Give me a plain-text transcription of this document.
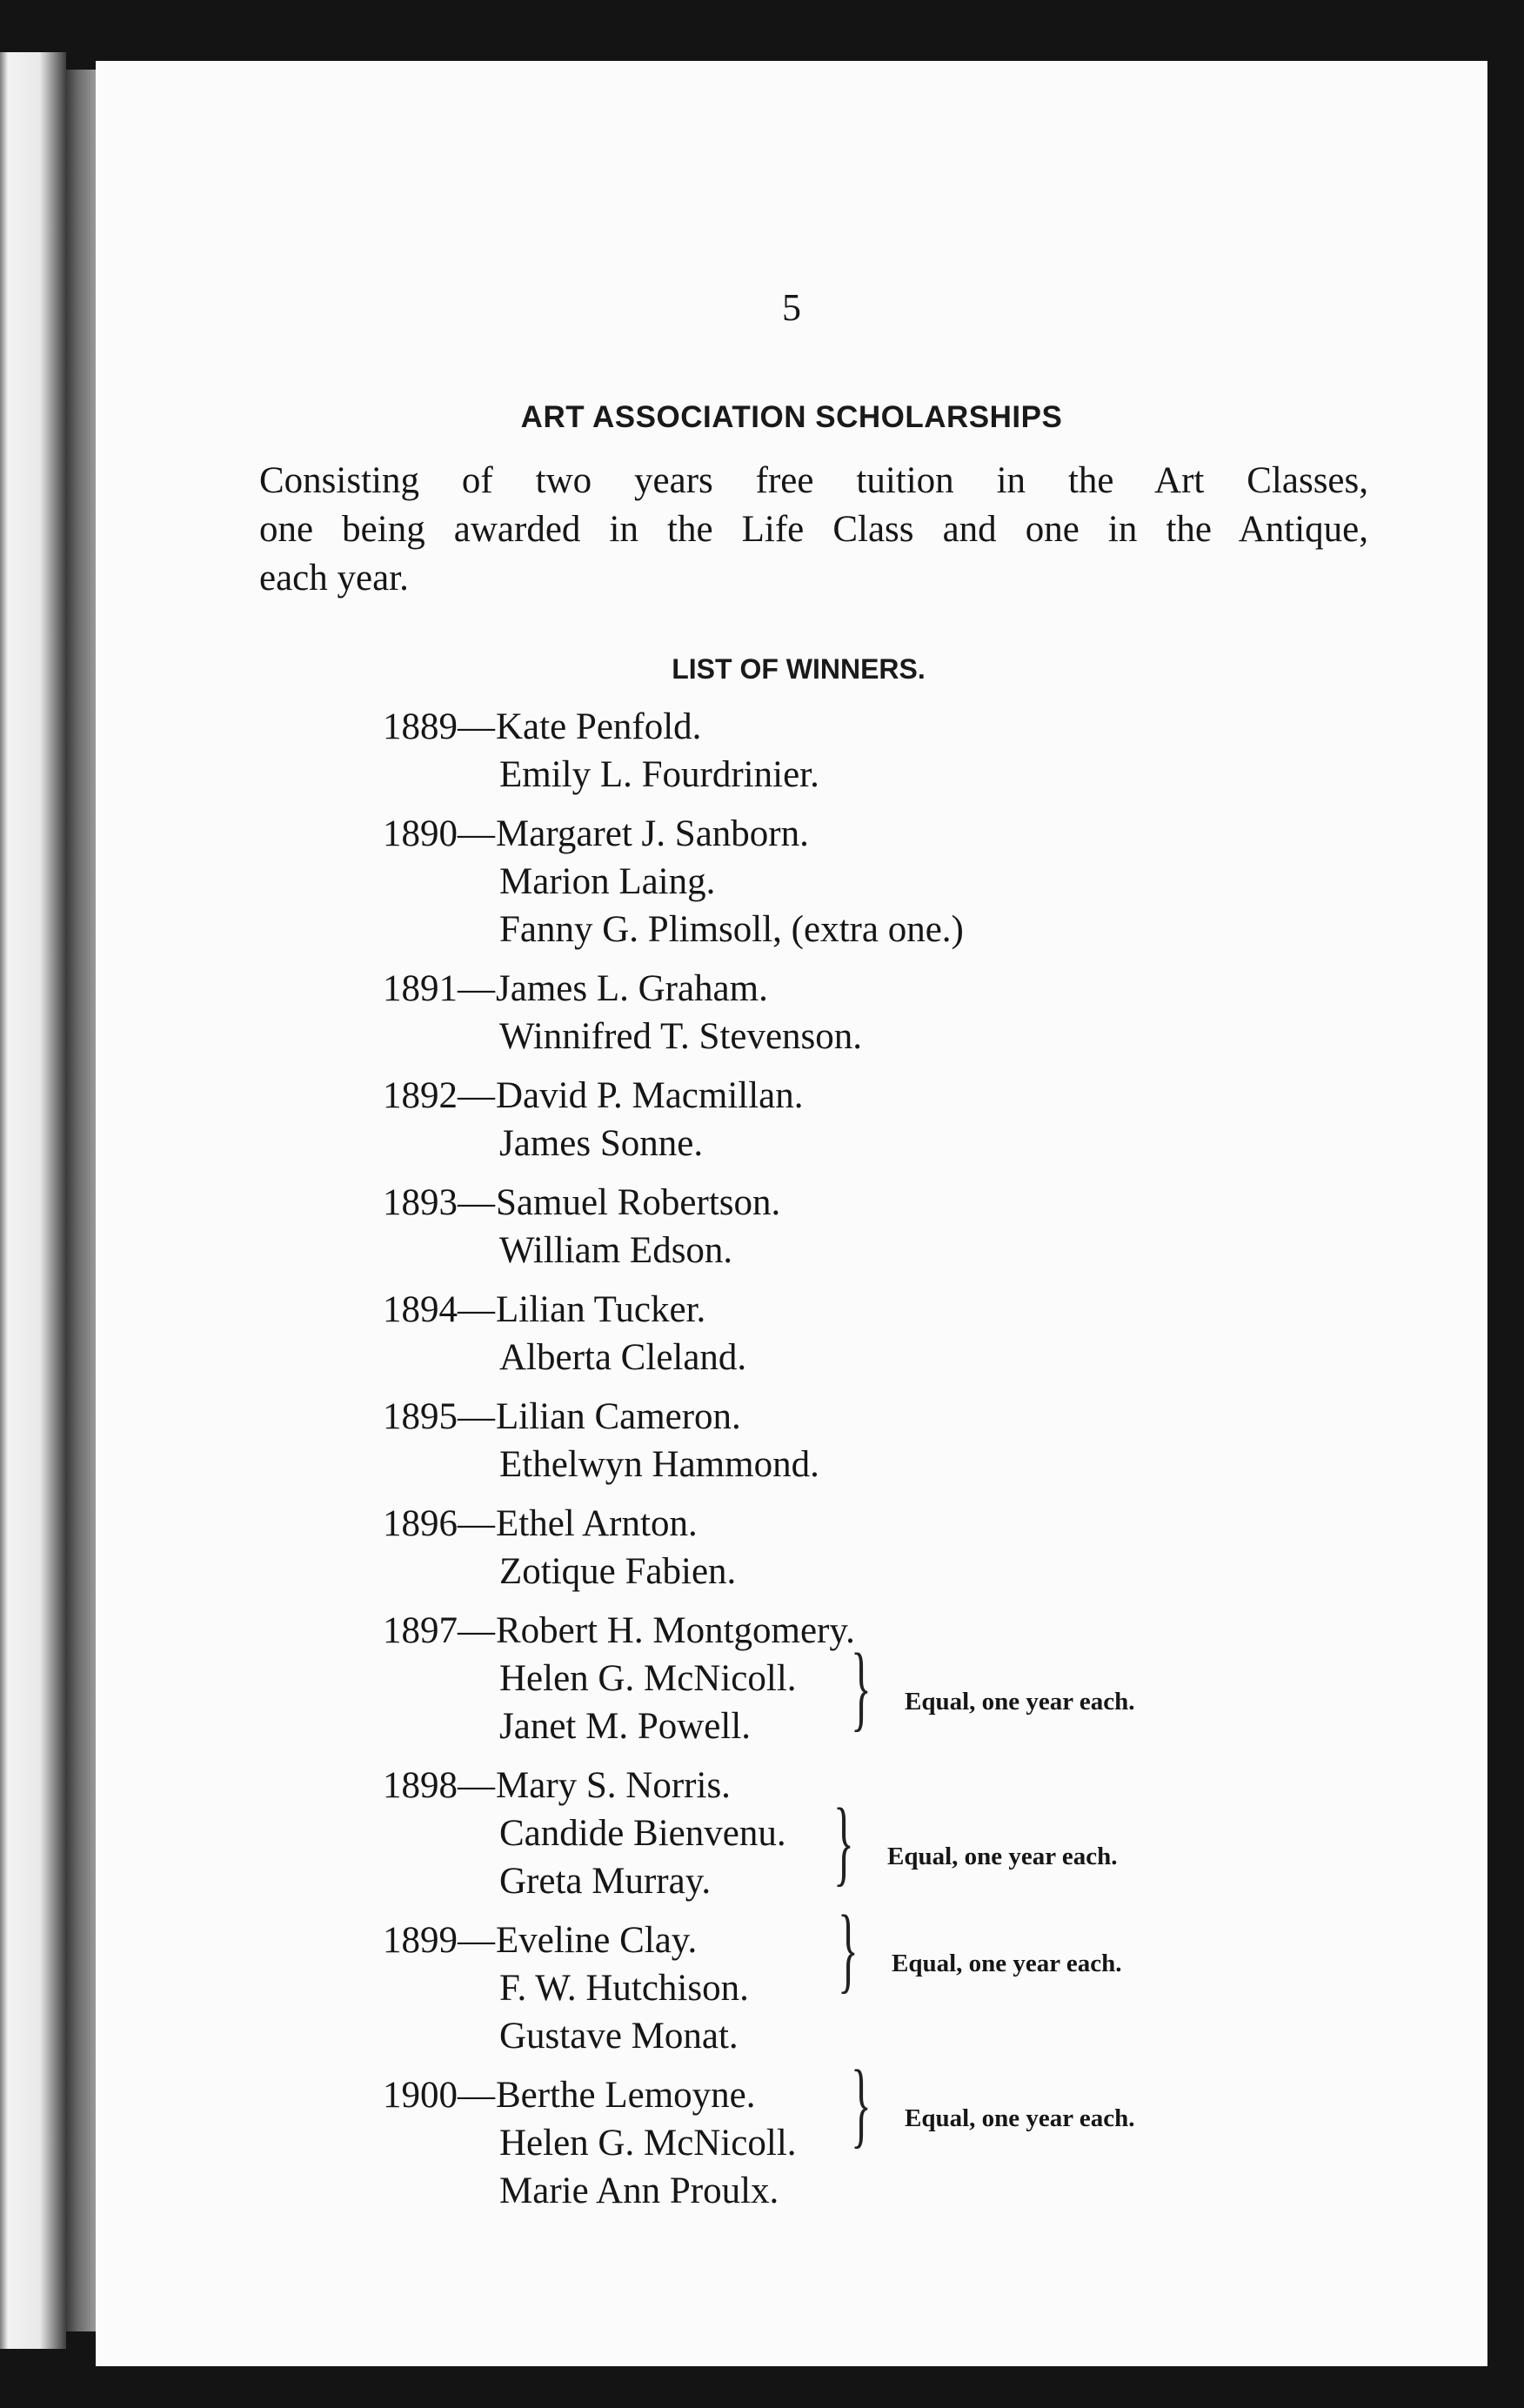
5
ART ASSOCIATION SCHOLARSHIPS
Consisting of two years free tuition in the Art Classes,
one being awarded in the Life Class and one in the Antique,
each year.
LIST OF WINNERS.
1889—Kate Penfold.
Emily L. Fourdrinier.
1890—Margaret J. Sanborn.
Marion Laing.
Fanny G. Plimsoll, (extra one.)
1891—James L. Graham.
Winnifred T. Stevenson.
1892—David P. Macmillan.
James Sonne.
1893—Samuel Robertson.
William Edson.
1894—Lilian Tucker.
Alberta Cleland.
1895—Lilian Cameron.
Ethelwyn Hammond.
1896—Ethel Arnton.
Zotique Fabien.
1897—Robert H. Montgomery.
Helen G. McNicoll.
Janet M. Powell.	} Equal, one year each.
1898—Mary S. Norris.
Candide Bienvenu.
Greta Murray.	} Equal, one year each.
1899—Eveline Clay.
F. W. Hutchison.
Gustave Monat.
} Equal, one year each.
1900—Berthe Lemoyne.
Helen G. McNicoll.
Marie Ann Proulx.
} Equal, one year each.
